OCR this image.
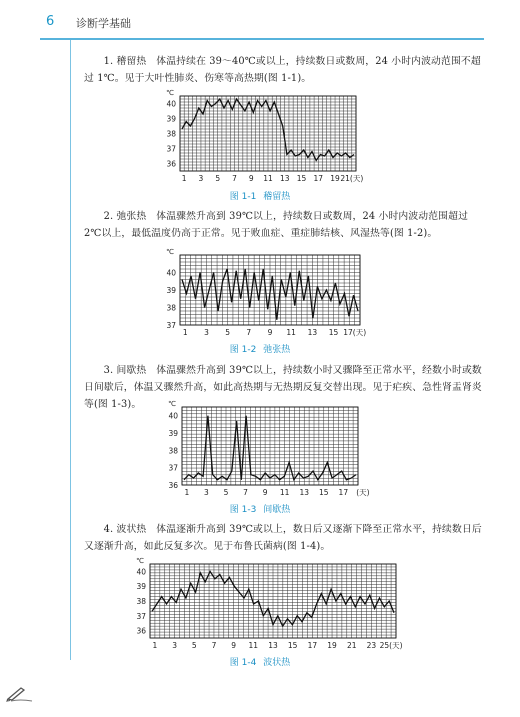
6 诊断学基础

1. 稽留热　体温持续在 39～40℃或以上，持续数日或数周，24 小时内波动范围不超过 1℃。见于大叶性肺炎、伤寒等高热期(图 1-1)。

36
37
38
39
40
℃
1 3 5 7 9 11 13 15 17 19 21(天)
图 1-1 稽留热

2. 弛张热　体温骤然升高到 39℃以上，持续数日或数周，24 小时内波动范围超过 2℃以上，最低温度仍高于正常。见于败血症、重症肺结核、风湿热等(图 1-2)。

37
38
39
40
℃
1 3 5 7 9 11 13 15 17(天)
图 1-2 弛张热

3. 间歇热　体温骤然升高到 39℃以上，持续数小时又骤降至正常水平，经数小时或数日间歇后，体温又骤然升高，如此高热期与无热期反复交替出现。见于疟疾、急性肾盂肾炎等(图 1-3)。

36
37
38
39
40
℃
1 3 5 7 9 11 13 15 17 (天)
图 1-3 间歇热

4. 波状热　体温逐渐升高到 39℃或以上，数日后又逐渐下降至正常水平，持续数日后又逐渐升高，如此反复多次。见于布鲁氏菌病(图 1-4)。

36
37
38
39
40
℃
1 3 5 7 9 11 13 15 17 19 21 23 25(天)
图 1-4 波状热
